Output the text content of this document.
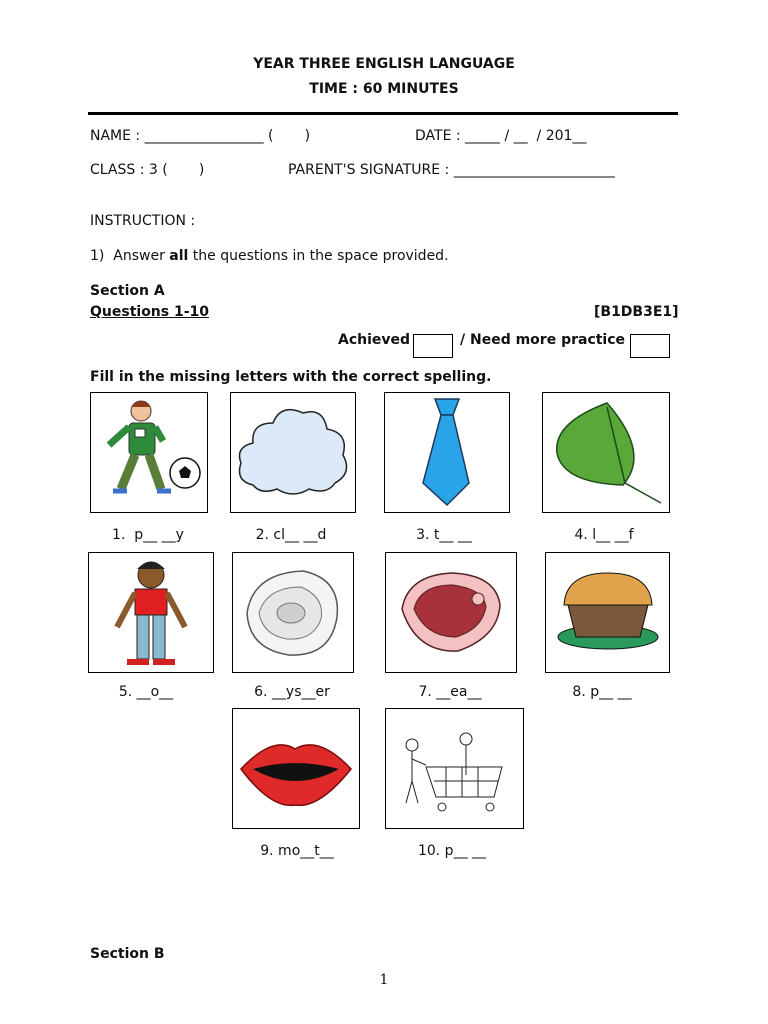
YEAR THREE ENGLISH LANGUAGE
TIME : 60 MINUTES
NAME : _________________ (       )	DATE : _____ / __  / 201__
CLASS : 3 (       )	PARENT'S SIGNATURE : _______________________
INSTRUCTION :
1)  Answer all the questions in the space provided.
Section A
Questions 1-10	[B1DB3E1]
Achieved	/ Need more practice
Fill in the missing letters with the correct spelling.
1.  p__ __y	2. cl__ __d	3. t__ __	4. l__ __f
5. __o__	6. __ys__er	7. __ea__	8. p__ __
9. mo__t__	10. p__ __
Section B
1
